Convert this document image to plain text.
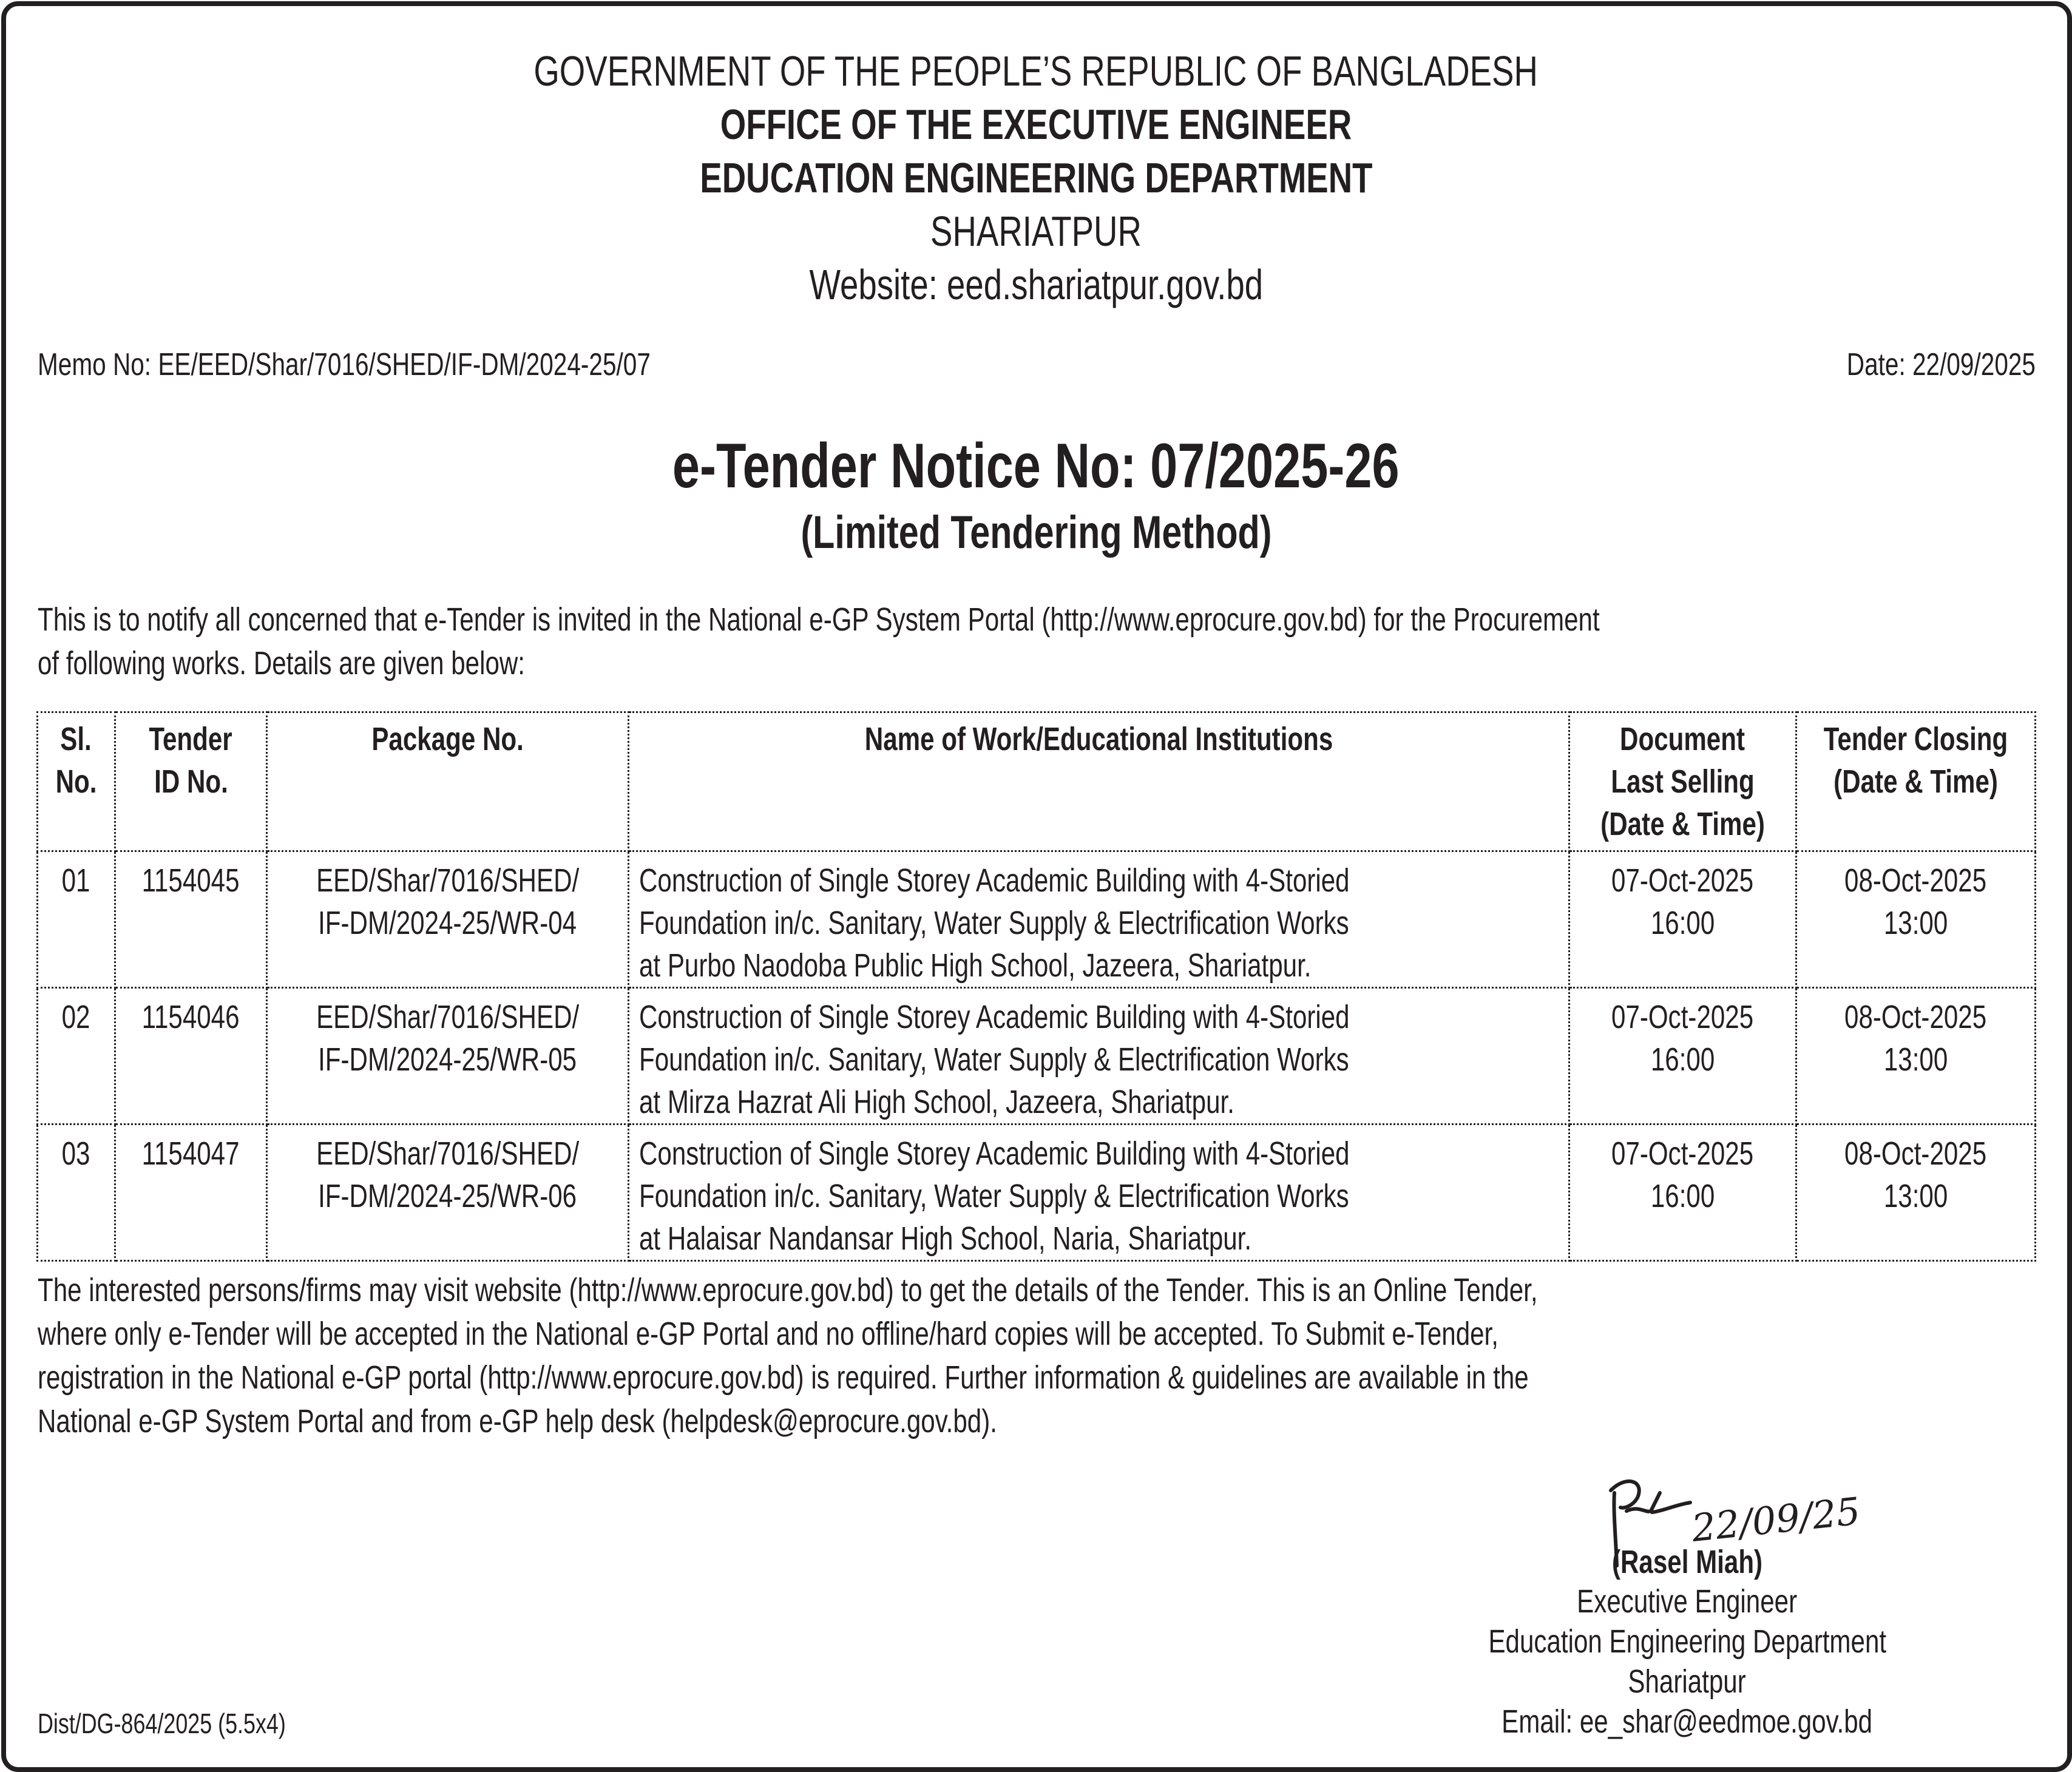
GOVERNMENT OF THE PEOPLE’S REPUBLIC OF BANGLADESH
OFFICE OF THE EXECUTIVE ENGINEER
EDUCATION ENGINEERING DEPARTMENT
SHARIATPUR
Website: eed.shariatpur.gov.bd
Memo No: EE/EED/Shar/7016/SHED/IF-DM/2024-25/07	Date: 22/09/2025
e-Tender Notice No: 07/2025-26
(Limited Tendering Method)
This is to notify all concerned that e-Tender is invited in the National e-GP System Portal (http://www.eprocure.gov.bd) for the Procurement
of following works. Details are given below:
Sl.
No.	Tender
ID No.	Package No.	Name of Work/Educational Institutions	Document
Last Selling
(Date & Time)	Tender Closing
(Date & Time)

01	1154045	EED/Shar/7016/SHED/
IF-DM/2024-25/WR-04	Construction of Single Storey Academic Building with 4-Storied
Foundation in/c. Sanitary, Water Supply & Electrification Works
at Purbo Naodoba Public High School, Jazeera, Shariatpur.	07-Oct-2025
16:00	08-Oct-2025
13:00

02	1154046	EED/Shar/7016/SHED/
IF-DM/2024-25/WR-05	Construction of Single Storey Academic Building with 4-Storied
Foundation in/c. Sanitary, Water Supply & Electrification Works
at Mirza Hazrat Ali High School, Jazeera, Shariatpur.	07-Oct-2025
16:00	08-Oct-2025
13:00

03	1154047	EED/Shar/7016/SHED/
IF-DM/2024-25/WR-06	Construction of Single Storey Academic Building with 4-Storied
Foundation in/c. Sanitary, Water Supply & Electrification Works
at Halaisar Nandansar High School, Naria, Shariatpur.	07-Oct-2025
16:00	08-Oct-2025
13:00
The interested persons/firms may visit website (http://www.eprocure.gov.bd) to get the details of the Tender. This is an Online Tender,
where only e-Tender will be accepted in the National e-GP Portal and no offline/hard copies will be accepted. To Submit e-Tender,
registration in the National e-GP portal (http://www.eprocure.gov.bd) is required. Further information & guidelines are available in the
National e-GP System Portal and from e-GP help desk (helpdesk@eprocure.gov.bd).
22/09/25
(Rasel Miah)
Executive Engineer
Education Engineering Department
Shariatpur
Email: ee_shar@eedmoe.gov.bd
Dist/DG-864/2025 (5.5x4)
